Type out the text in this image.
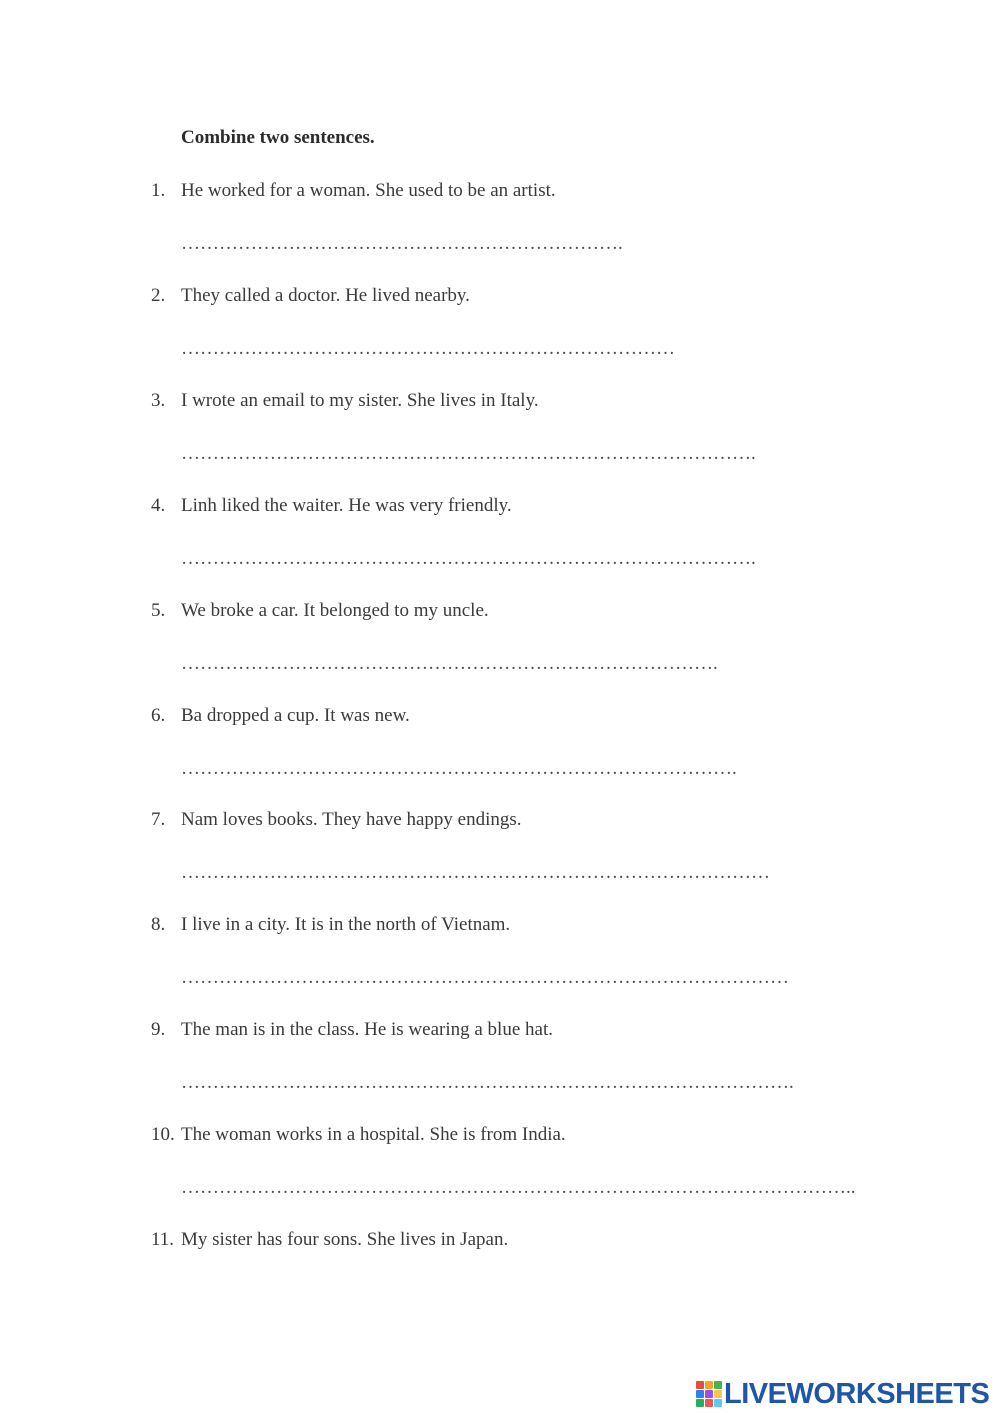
Combine two sentences.
1. He worked for a woman. She used to be an artist.
…………………………………………………………….
2. They called a doctor. He lived nearby.
……………………………………………………………………
3. I wrote an email to my sister. She lives in Italy.
……………………………………………………………………………….
4. Linh liked the waiter. He was very friendly.
……………………………………………………………………………….
5. We broke a car. It belonged to my uncle.
………………………………………………………………………….
6. Ba dropped a cup. It was new.
…………………………………………………………………………….
7. Nam loves books. They have happy endings.
…………………………………………………………………………………
8. I live in a city. It is in the north of Vietnam.
……………………………………………………………………………………
9. The man is in the class. He is wearing a blue hat.
…………………………………………………………………………………….
10. The woman works in a hospital. She is from India.
……………………………………………………………………………………………..
11. My sister has four sons. She lives in Japan.
LIVEWORKSHEETS
